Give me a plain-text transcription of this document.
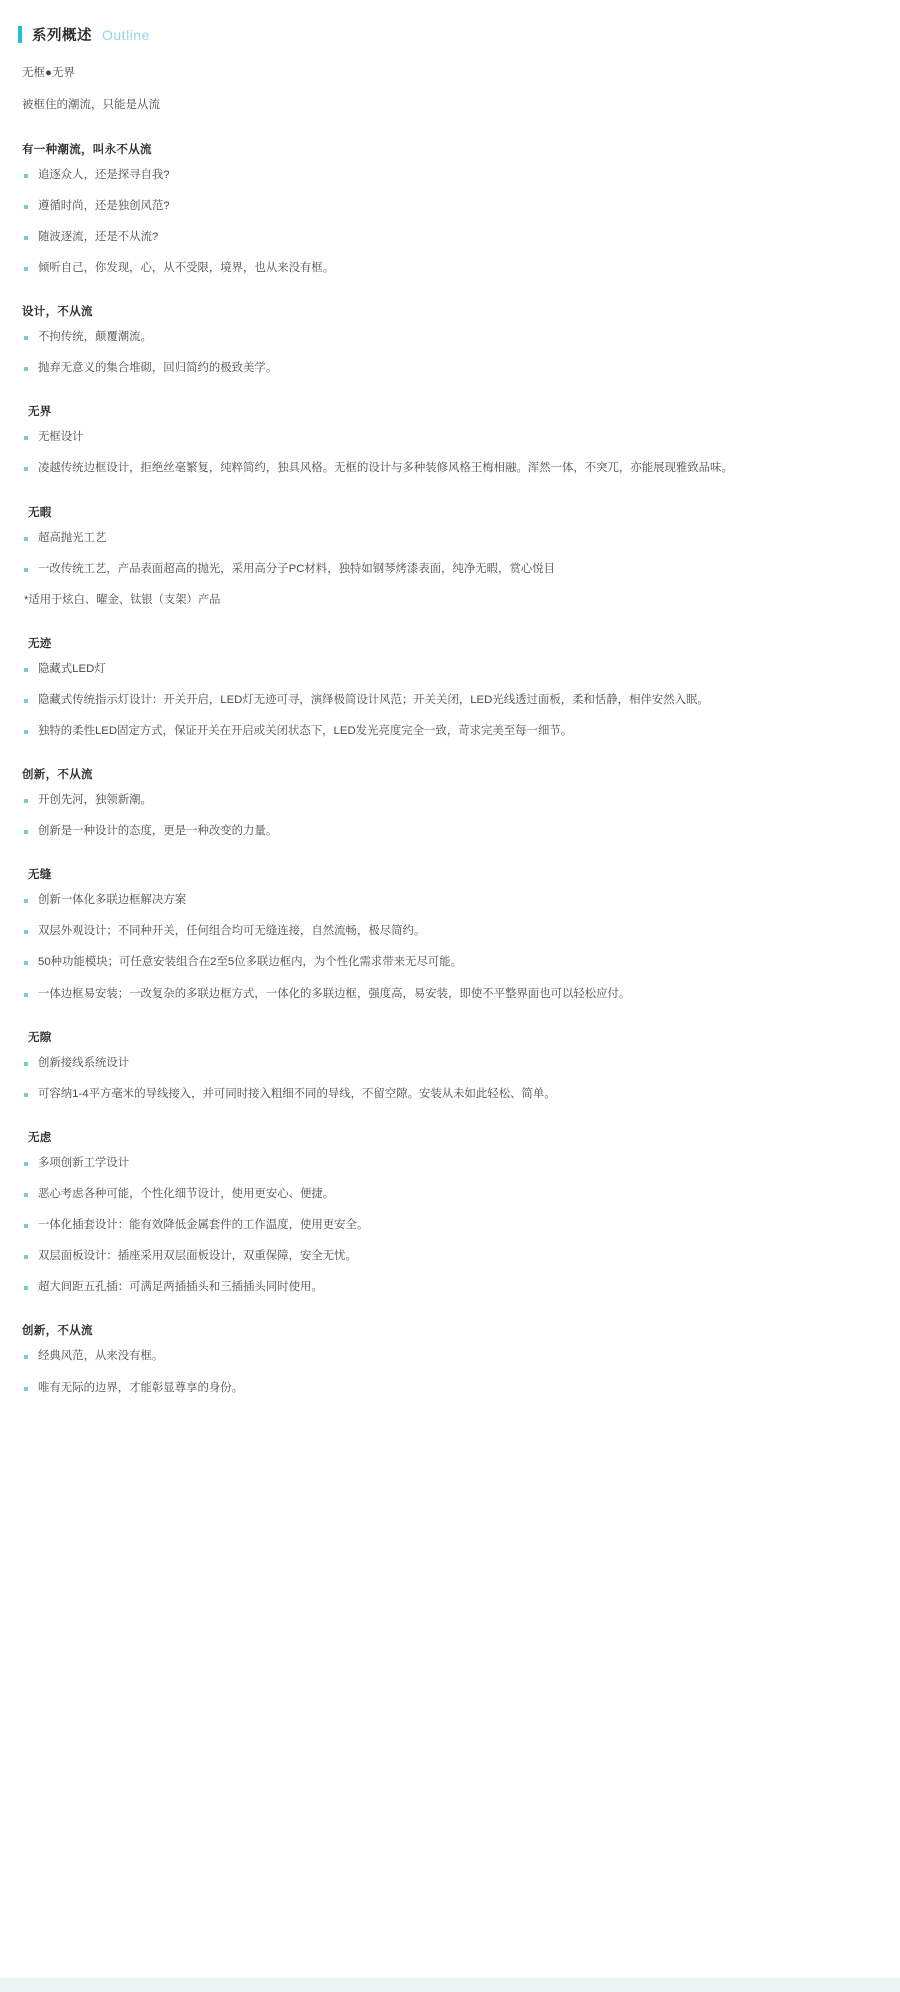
系列概述 Outline
无框●无界
被框住的潮流，只能是从流
有一种潮流，叫永不从流
追逐众人，还是探寻自我?
遵循时尚，还是独创风范?
随波逐流，还是不从流?
倾听自己，你发现，心，从不受限，境界，也从来没有框。
设计，不从流
不拘传统，颠覆潮流。
抛弃无意义的集合堆砌，回归简约的极致美学。
无界
无框设计
凌越传统边框设计，拒绝丝毫繁复，纯粹简约，独具风格。无框的设计与多种装修风格王梅相融。浑然一体，不突兀，亦能展现雅致品味。
无暇
超高抛光工艺
一改传统工艺，产品表面超高的抛光，采用高分子PC材料，独特如钢琴烤漆表面，纯净无暇，赏心悦目
*适用于炫白、曜金、钛银（支架）产品
无迹
隐藏式LED灯
隐藏式传统指示灯设计：开关开启，LED灯无迹可寻，演绎极简设计风范；开关关闭，LED光线透过面板，柔和恬静，相伴安然入眠。
独特的柔性LED固定方式，保证开关在开启或关闭状态下，LED发光亮度完全一致，苛求完美至每一细节。
创新，不从流
开创先河，独领新潮。
创新是一种设计的态度，更是一种改变的力量。
无缝
创新一体化多联边框解决方案
双层外观设计；不同种开关，任何组合均可无缝连接，自然流畅，极尽简约。
50种功能模块；可任意安装组合在2至5位多联边框内，为个性化需求带来无尽可能。
一体边框易安装；一改复杂的多联边框方式，一体化的多联边框，强度高，易安装，即使不平整界面也可以轻松应付。
无隙
创新接线系统设计
可容纳1-4平方毫米的导线接入，并可同时接入粗细不同的导线，不留空隙。安装从未如此轻松、简单。
无虑
多项创新工学设计
恶心考虑各种可能，个性化细节设计，使用更安心、便捷。
一体化插套设计：能有效降低金属套件的工作温度，使用更安全。
双层面板设计：插座采用双层面板设计，双重保障，安全无忧。
超大间距五孔插：可满足两插插头和三插插头同时使用。
创新，不从流
经典风范，从来没有框。
唯有无际的边界，才能彰显尊享的身份。
